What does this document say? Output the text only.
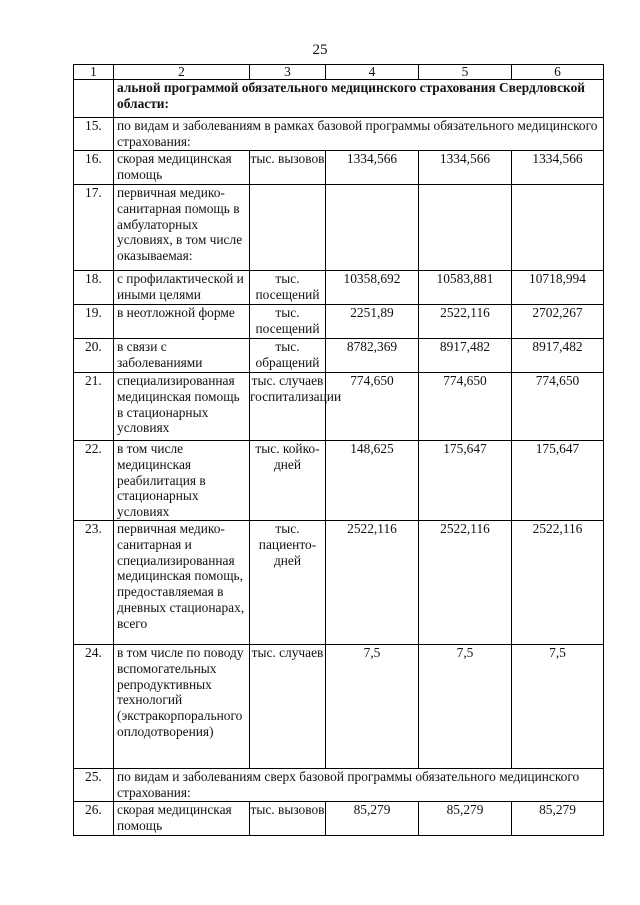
25
1	2	3	4	5	6
	альной программой обязательного медицинского страхования Свердловской области:				
15.	по видам и заболеваниям в рамках базовой программы обязательного медицинского страхования:				
16.	скорая медицинская помощь	тыс. вызовов	1334,566	1334,566	1334,566
17.	первичная медико-санитарная помощь в амбулаторных условиях, в том числе оказываемая:				
18.	с профилактической и иными целями	тыс. посещений	10358,692	10583,881	10718,994
19.	в неотложной форме	тыс. посещений	2251,89	2522,116	2702,267
20.	в связи с заболеваниями	тыс. обращений	8782,369	8917,482	8917,482
21.	специализированная медицинская помощь в стационарных условиях	тыс. случаев госпитализации	774,650	774,650	774,650
22.	в том числе медицинская реабилитация в стационарных условиях	тыс. койко-дней	148,625	175,647	175,647
23.	первичная медико-санитарная и специализированная медицинская помощь, предоставляемая в дневных стационарах, всего	тыс. пациенто-дней	2522,116	2522,116	2522,116
24.	в том числе по поводу вспомогательных репродуктивных технологий (экстракорпорального оплодотворения)	тыс. случаев	7,5	7,5	7,5
25.	по видам и заболеваниям сверх базовой программы обязательного медицинского страхования:				
26.	скорая медицинская помощь	тыс. вызовов	85,279	85,279	85,279
